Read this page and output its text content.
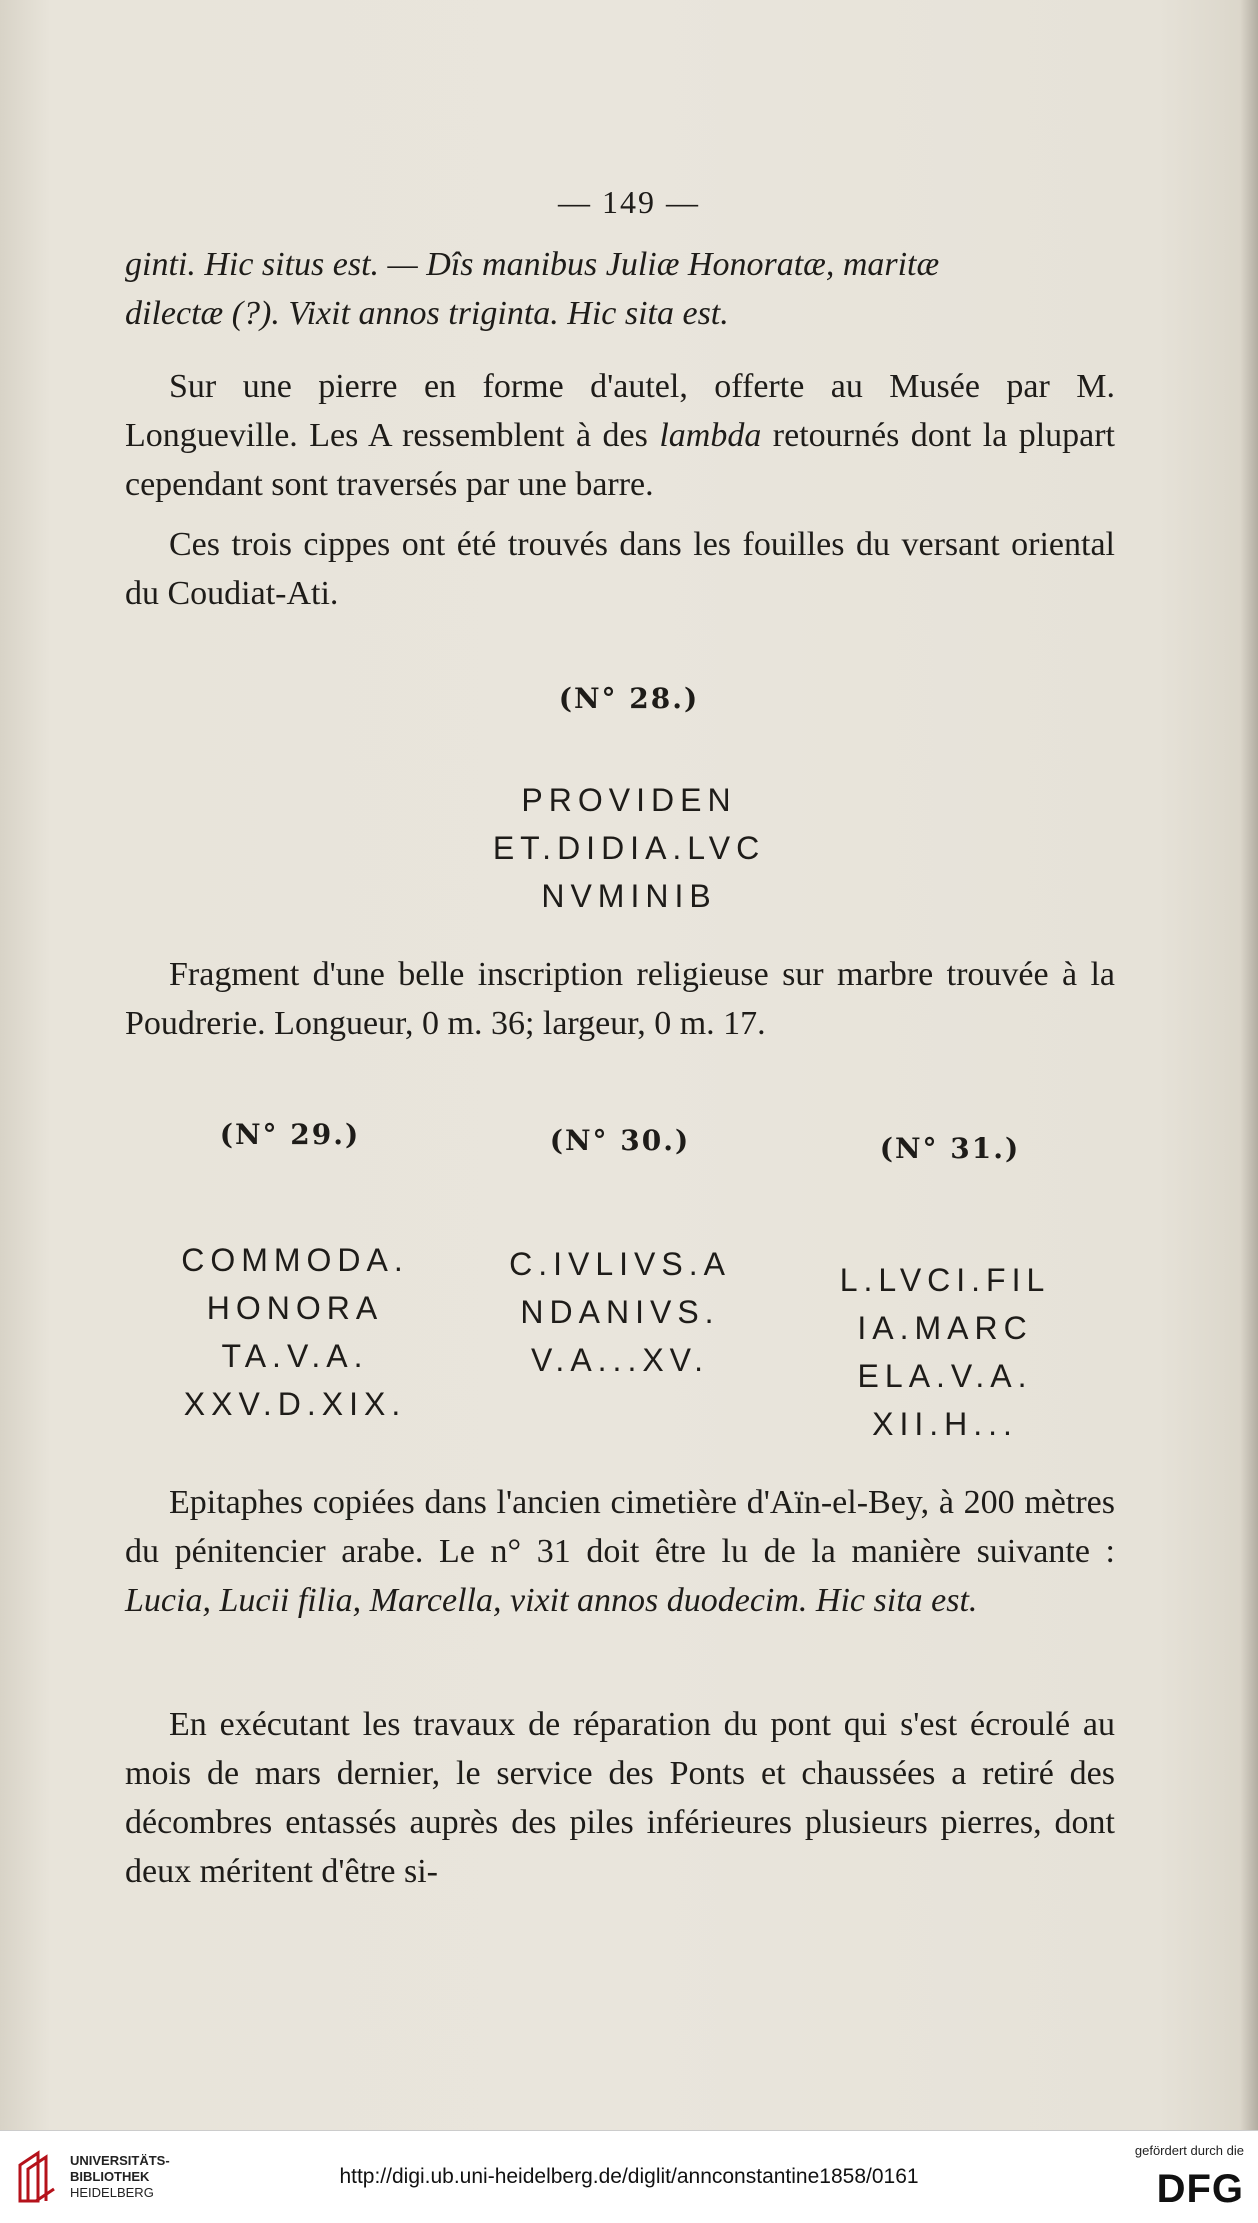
— 149 —

ginti. Hic situs est. — Dîs manibus Juliæ Honoratæ, maritæ

dilectæ (?). Vixit annos triginta. Hic sita est.

Sur une pierre en forme d'autel, offerte au Musée par M. Longueville. Les A ressemblent à des lambda retournés dont la plupart cependant sont traversés par une barre.

Ces trois cippes ont été trouvés dans les fouilles du versant oriental du Coudiat-Ati.

(N° 28.)
PROVIDEN
ET.DIDIA.LVC
NVMINIB

Fragment d'une belle inscription religieuse sur marbre trouvée à la Poudrerie. Longueur, 0 m. 36; largeur, 0 m. 17.

(N° 29.)	(N° 30.)	(N° 31.)
COMMODA.
HONORA
TA.V.A.
XXV.D.XIX.
C.IVLIVS.A
NDANIVS.
V.A...XV.
L.LVCI.FIL
IA.MARC
ELA.V.A.
XII.H...

Epitaphes copiées dans l'ancien cimetière d'Aïn-el-Bey, à 200 mètres du pénitencier arabe. Le n° 31 doit être lu de la manière suivante : Lucia, Lucii filia, Marcella, vixit annos duodecim. Hic sita est.

En exécutant les travaux de réparation du pont qui s'est écroulé au mois de mars dernier, le service des Ponts et chaussées a retiré des décombres entassés auprès des piles inférieures plusieurs pierres, dont deux méritent d'être si-

UNIVERSITÄTS-
BIBLIOTHEK
HEIDELBERG
http://digi.ub.uni-heidelberg.de/diglit/annconstantine1858/0161
gefördert durch die
DFG
